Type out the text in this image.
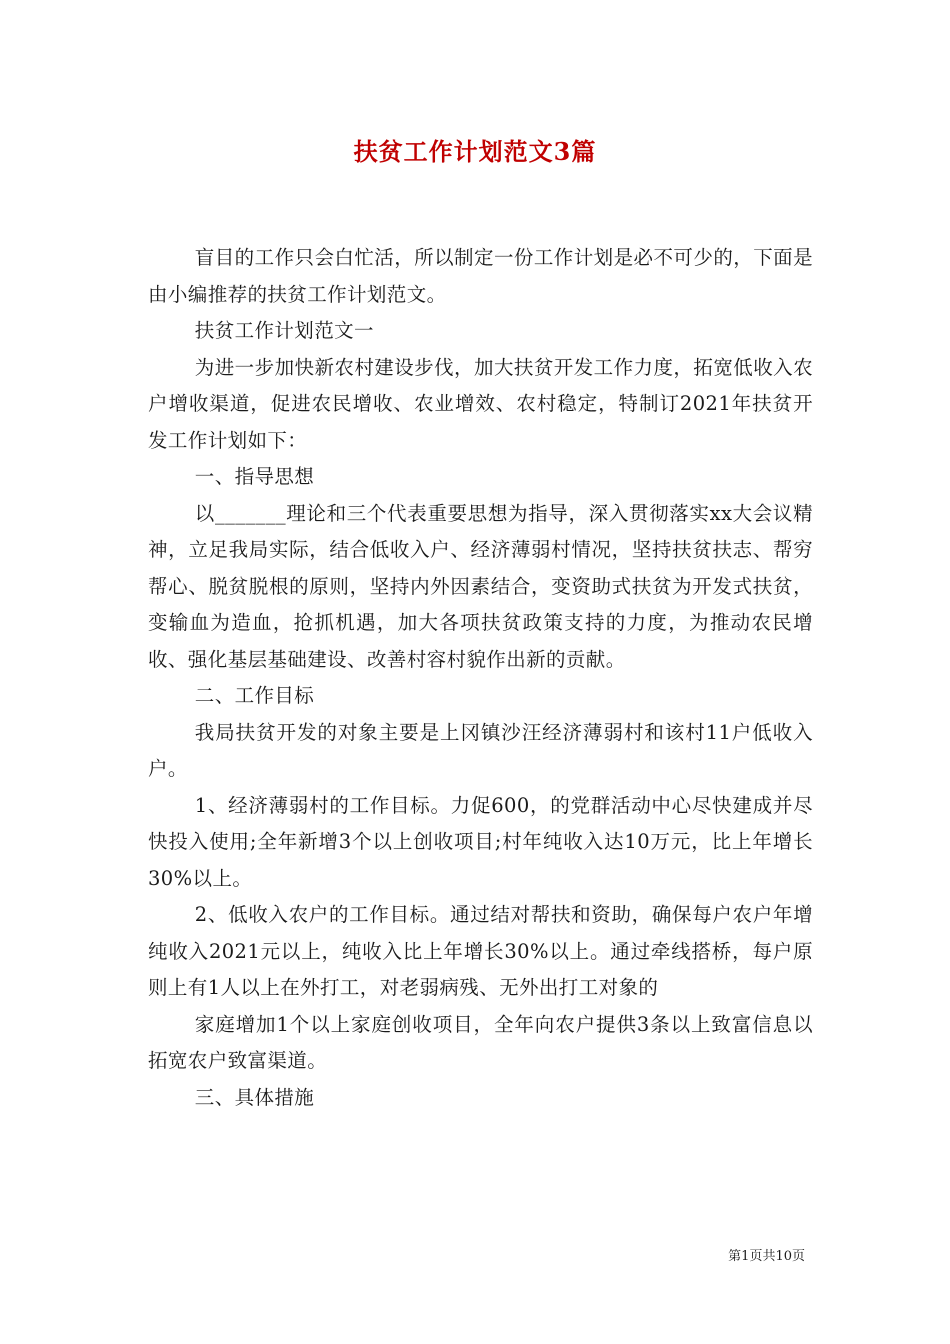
扶贫工作计划范文3篇

盲目的工作只会白忙活，所以制定一份工作计划是必不可少的，下面是由小编推荐的扶贫工作计划范文。

扶贫工作计划范文一

为进一步加快新农村建设步伐，加大扶贫开发工作力度，拓宽低收入农户增收渠道，促进农民增收、农业增效、农村稳定，特制订2021年扶贫开发工作计划如下：

一、指导思想

以_______理论和三个代表重要思想为指导，深入贯彻落实xx大会议精神，立足我局实际，结合低收入户、经济薄弱村情况，坚持扶贫扶志、帮穷帮心、脱贫脱根的原则，坚持内外因素结合，变资助式扶贫为开发式扶贫，变输血为造血，抢抓机遇，加大各项扶贫政策支持的力度，为推动农民增收、强化基层基础建设、改善村容村貌作出新的贡献。

二、工作目标

我局扶贫开发的对象主要是上冈镇沙汪经济薄弱村和该村11户低收入户。

1、经济薄弱村的工作目标。力促600，的党群活动中心尽快建成并尽快投入使用;全年新增3个以上创收项目;村年纯收入达10万元，比上年增长30%以上。

2、低收入农户的工作目标。通过结对帮扶和资助，确保每户农户年增纯收入2021元以上，纯收入比上年增长30%以上。通过牵线搭桥，每户原则上有1人以上在外打工，对老弱病残、无外出打工对象的

家庭增加1个以上家庭创收项目，全年向农户提供3条以上致富信息以拓宽农户致富渠道。

三、具体措施

第1页共10页
